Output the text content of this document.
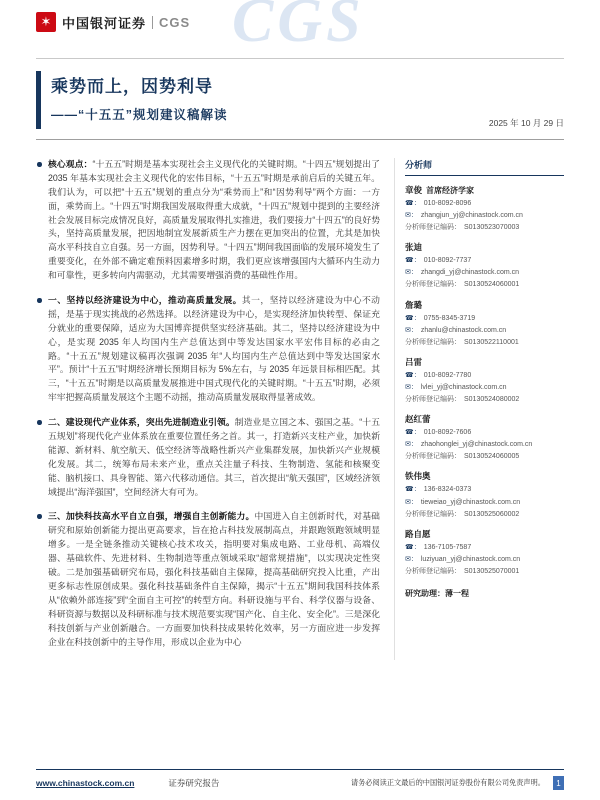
CGS
✶ 中国银河证券 CGS
乘势而上，因势利导
——“十五五”规划建议稿解读
2025 年 10 月 29 日

核心观点：“十五五”时期是基本实现社会主义现代化的关键时期。“十四五”规划提出了 2035 年基本实现社会主义现代化的宏伟目标，“十五五”时期是承前启后的关键五年。我们认为，可以把“十五五”规划的重点分为“乘势而上”和“因势利导”两个方面：一方面，乘势而上。“十四五”时期我国发展取得重大成就，“十四五”规划中提到的主要经济社会发展目标完成情况良好，高质量发展取得扎实推进，我们要接力“十四五”的良好势头，坚持高质量发展，把因地制宜发展新质生产力摆在更加突出的位置，尤其是加快高水平科技自立自强。另一方面，因势利导。“十四五”期间我国面临的发展环境发生了重要变化，在外部不确定难预料因素增多时期，我们更应该增强国内大循环内生动力和可靠性，更多转向内需驱动，尤其需要增强消费的基础性作用。

一、坚持以经济建设为中心，推动高质量发展。其一，坚持以经济建设为中心不动摇，是基于现实挑战的必然选择。以经济建设为中心，是实现经济加快转型、保证充分就业的重要保障，适应为大国博弈提供坚实经济基础。其二，坚持以经济建设为中心，是实现 2035 年人均国内生产总值达到中等发达国家水平宏伟目标的必由之路。“十五五”规划建议稿再次强调 2035 年“人均国内生产总值达到中等发达国家水平”。预计“十五五”时期经济增长预期目标为 5%左右，与 2035 年远景目标相匹配。其三，“十五五”时期是以高质量发展推进中国式现代化的关键时期。“十五五”时期，必须牢牢把握高质量发展这个主题不动摇，推动高质量发展取得显著成效。

二、建设现代产业体系，突出先进制造业引领。制造业是立国之本、强国之基。“十五五规划”将现代化产业体系放在重要位置任务之首。其一，打造新兴支柱产业，加快新能源、新材料、航空航天、低空经济等战略性新兴产业集群发展，加快新兴产业规模化发展。其二，统筹布局未来产业，重点关注量子科技、生物制造、氢能和核聚变能、脑机接口、具身智能、第六代移动通信。其三，首次提出“航天强国”，区域经济领域提出“海洋强国”，空间经济大有可为。

三、加快科技高水平自立自强，增强自主创新能力。中国进入自主创新时代，对基础研究和原始创新能力提出更高要求，旨在抢占科技发展制高点，并跟跑领跑领域明显增多。一是全链条推动关键核心技术攻关，指明要对集成电路、工业母机、高端仪器、基础软件、先进材料、生物制造等重点领域采取“超常规措施”，以实现决定性突破。二是加强基础研究布局，强化科技基础自主保障，提高基础研究投入比重，产出更多标志性原创成果。强化科技基础条件自主保障，揭示“十五五”期间我国科技体系从“依赖外部连接”到“全面自主可控”的转型方向。科研设施与平台、科学仪器与设备、科研资源与数据以及科研标准与技术规范要实现“国产化、自主化、安全化”。三是深化科技创新与产业创新融合。一方面要加快科技成果转化效率，另一方面应进一步发挥企业在科技创新中的主导作用，形成以企业为中心

分析师
章俊 首席经济学家
☎： 010-8092-8096
✉： zhangjun_yj@chinastock.com.cn
分析师登记编码： S0130523070003
张迪
☎： 010-8092-7737
✉： zhangdi_yj@chinastock.com.cn
分析师登记编码： S0130524060001
詹璐
☎： 0755-8345-3719
✉： zhanlu@chinastock.com.cn
分析师登记编码： S0130522110001
吕雷
☎： 010-8092-7780
✉： lvlei_yj@chinastock.com.cn
分析师登记编码： S0130524080002
赵红蕾
☎： 010-8092-7606
✉： zhaohonglei_yj@chinastock.com.cn
分析师登记编码： S0130524060005
铁伟奥
☎： 136-8324-0373
✉： tieweiao_yj@chinastock.com.cn
分析师登记编码： S0130525060002
路自愿
☎： 136-7105-7587
✉： luziyuan_yj@chinastock.com.cn
分析师登记编码： S0130525070001
研究助理：薄一程
www.chinastock.com.cn	证券研究报告	请务必阅读正文最后的中国银河证券股份有限公司免责声明。	1
